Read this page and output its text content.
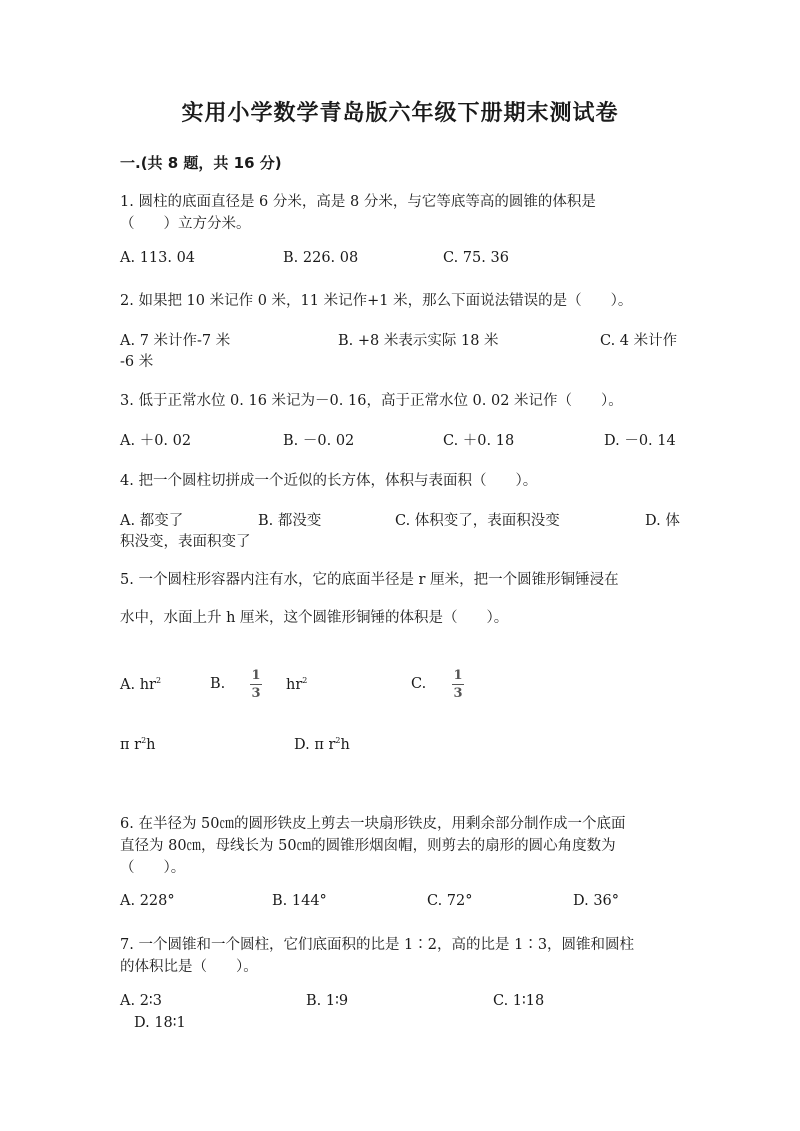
实用小学数学青岛版六年级下册期末测试卷
一.(共 8 题，共 16 分)
1. 圆柱的底面直径是 6 分米，高是 8 分米，与它等底等高的圆锥的体积是
（　　）立方分米。
A. 113. 04	B. 226. 08	C. 75. 36
2. 如果把 10 米记作 0 米，11 米记作+1 米，那么下面说法错误的是（　　）。
A. 7 米计作-7 米	B. +8 米表示实际 18 米	C. 4 米计作
-6 米
3. 低于正常水位 0. 16 米记为－0. 16，高于正常水位 0. 02 米记作（　　）。
A. ＋0. 02	B. －0. 02	C. ＋0. 18	D. －0. 14
4. 把一个圆柱切拼成一个近似的长方体，体积与表面积（　　）。
A. 都变了	B. 都没变	C. 体积变了，表面积没变	D. 体
积没变，表面积变了
5. 一个圆柱形容器内注有水，它的底面半径是 r 厘米，把一个圆锥形铜锤浸在
水中，水面上升 h 厘米，这个圆锥形铜锤的体积是（　　）。
A. $hr^2$	B.
1
3
$hr^2$	C.
1
3
π $r^2h$	D. π $r^2h$
6. 在半径为 50㎝的圆形铁皮上剪去一块扇形铁皮，用剩余部分制作成一个底面
直径为 80㎝，母线长为 50㎝的圆锥形烟囱帽，则剪去的扇形的圆心角度数为
（　　）。
A. 228°	B. 144°	C. 72°	D. 36°
7. 一个圆锥和一个圆柱，它们底面积的比是 1∶2，高的比是 1∶3，圆锥和圆柱
的体积比是（　　）。
A. 2∶3	B. 1∶9	C. 1∶18
D. 18∶1
